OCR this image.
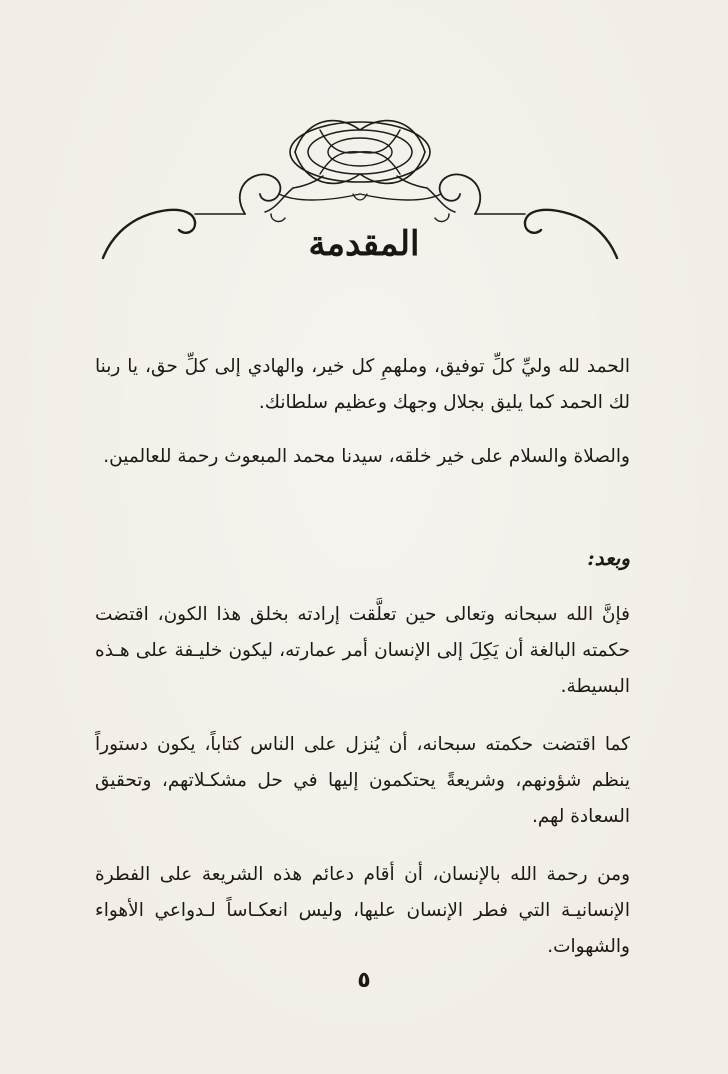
المقدمة

الحمد لله وليِّ كلِّ توفيق، وملهمِ كل خير، والهادي إلى كلِّ حق، يا ربنا لك الحمد كما يليق بجلال وجهك وعظيم سلطانك.

والصلاة والسلام على خير خلقه، سيدنا محمد المبعوث رحمة للعالمين.

وبعد:

فإنَّ الله سبحانه وتعالى حين تعلَّقت إرادته بخلق هذا الكون، اقتضت حكمته البالغة أن يَكِلَ إلى الإنسان أمر عمارته، ليكون خليـفة على هـذه البسيطة.

كما اقتضت حكمته سبحانه، أن يُنزل على الناس كتاباً، يكون دستوراً ينظم شؤونهم، وشريعةً يحتكمون إليها في حل مشكـلاتهم، وتحقيق السعادة لهم.

ومن رحمة الله بالإنسان، أن أقام دعائم هذه الشريعة على الفطرة الإنسانيـة التي فطر الإنسان عليها، وليس انعكـاساً لـدواعي الأهواء والشهوات.

٥
